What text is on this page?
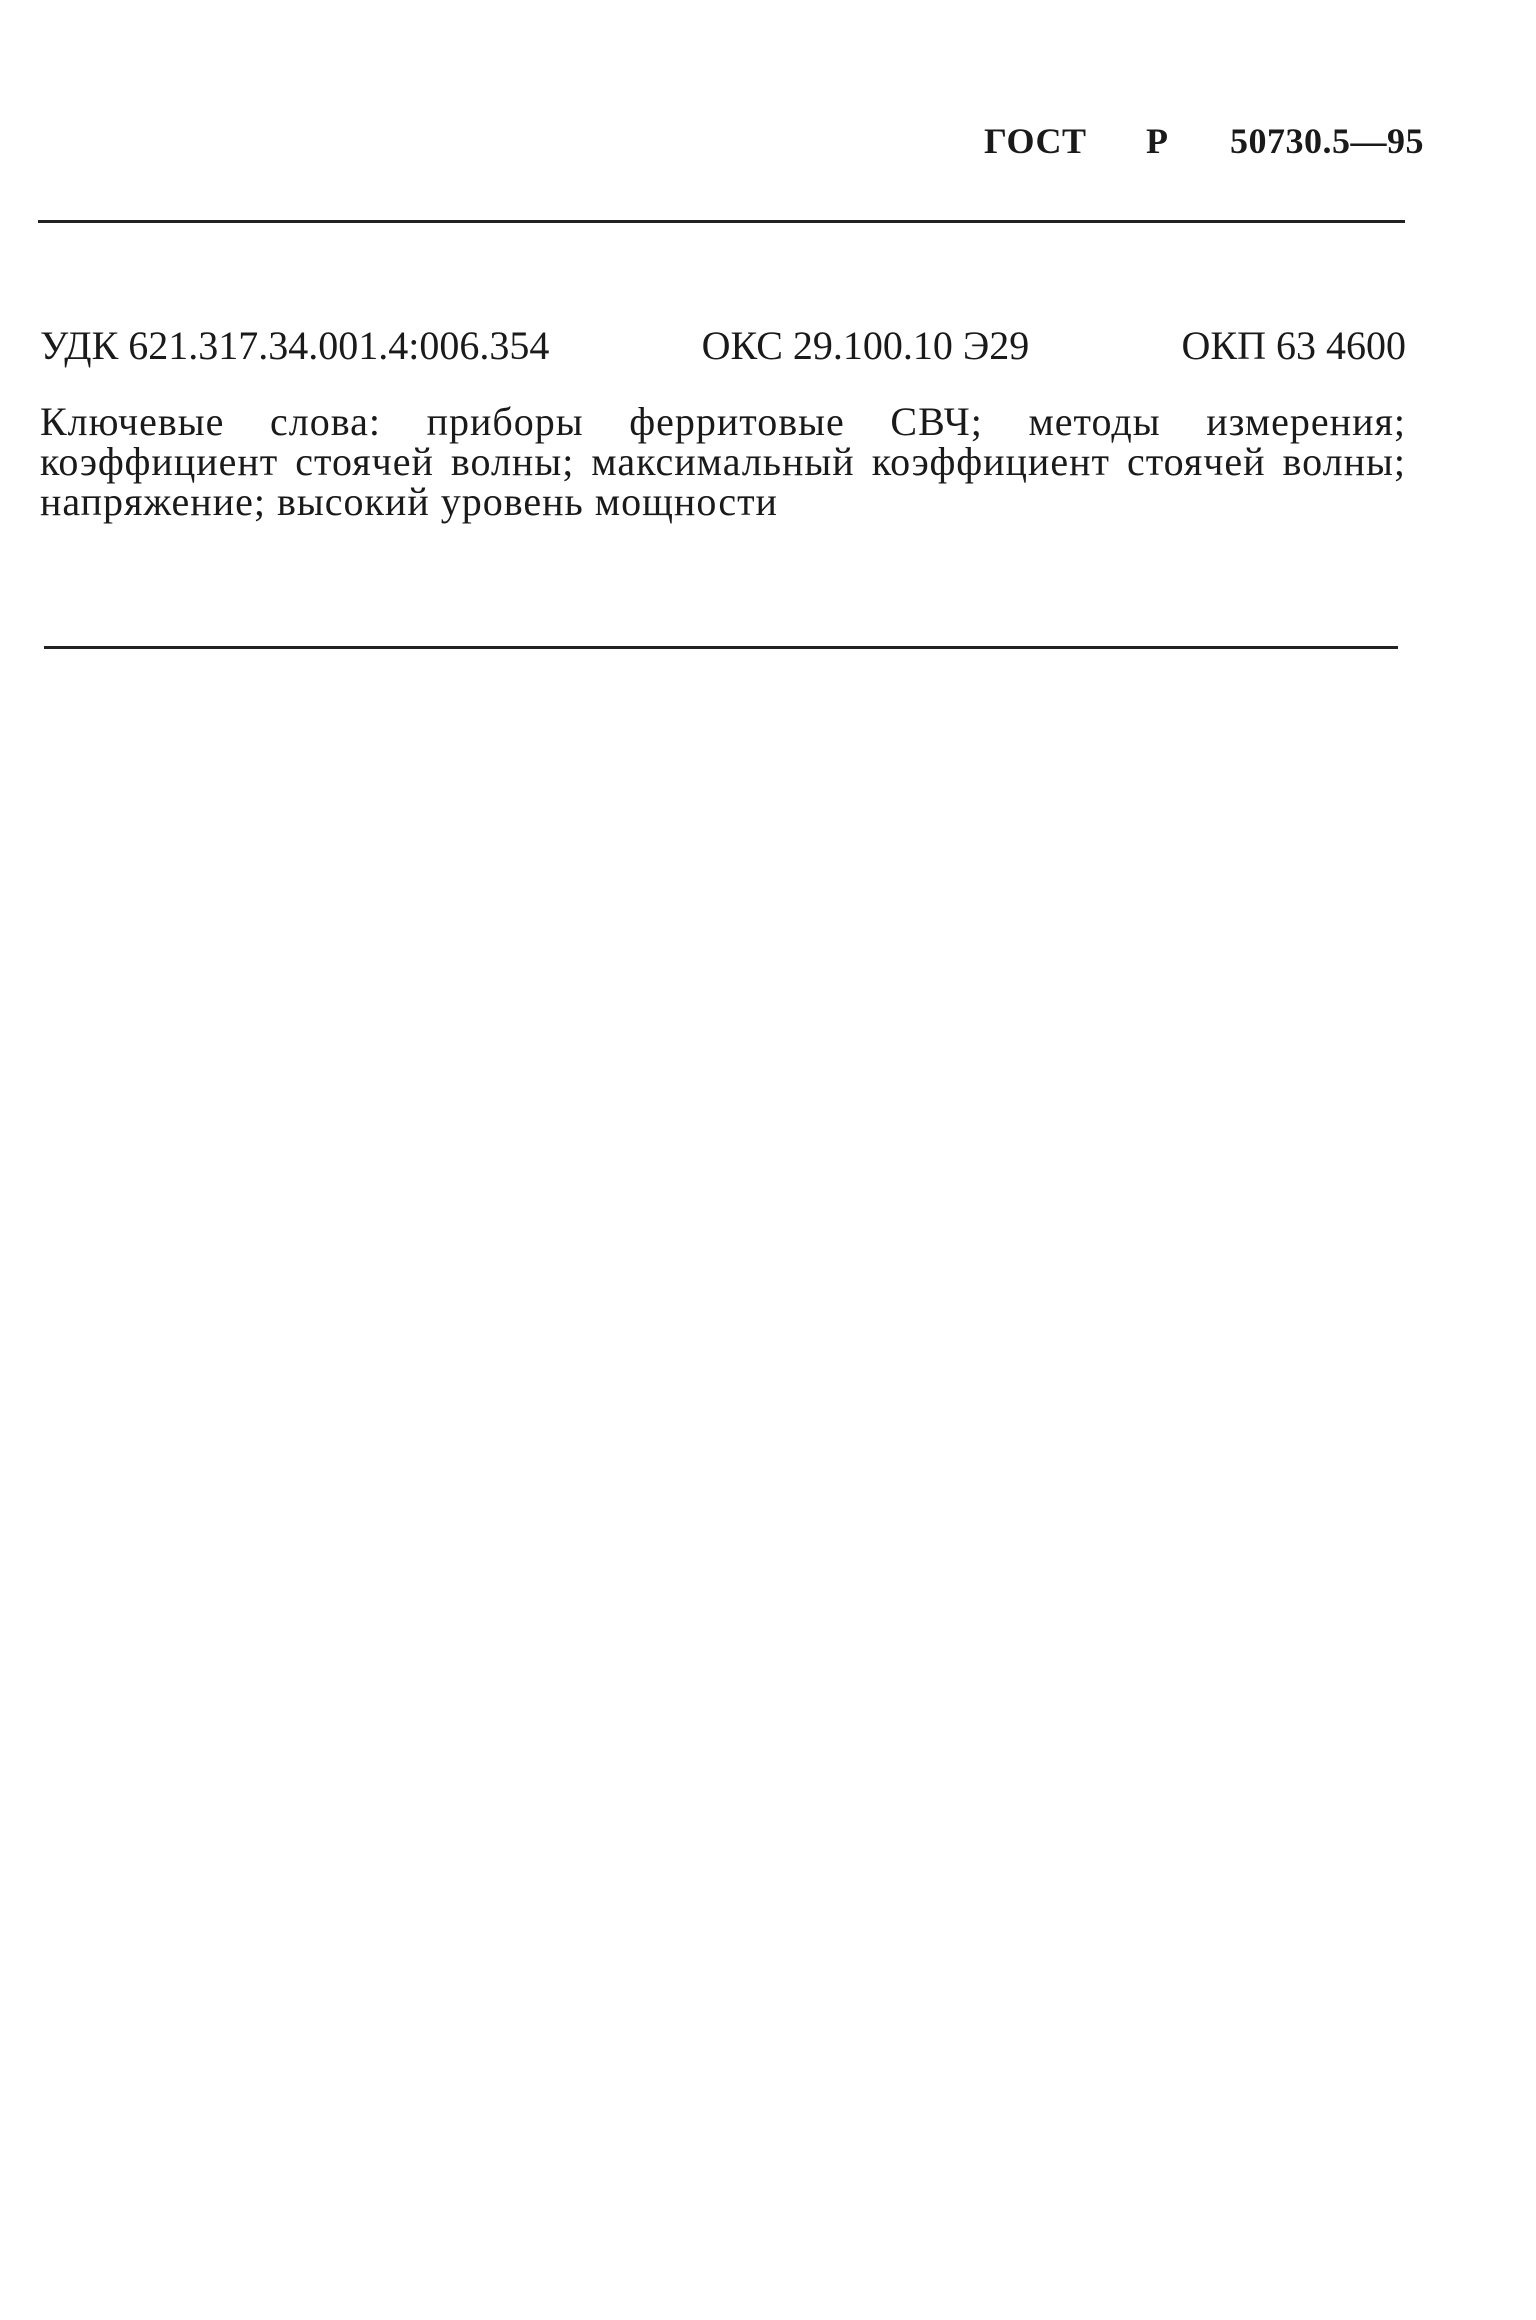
ГОСТ Р 50730.5—95
УДК 621.317.34.001.4:006.354	ОКС 29.100.10 Э29	ОКП 63 4600
Ключевые слова: приборы ферритовые СВЧ; методы измерения; коэффициент стоячей волны; максимальный коэффициент стоячей волны; напряжение; высокий уровень мощности
